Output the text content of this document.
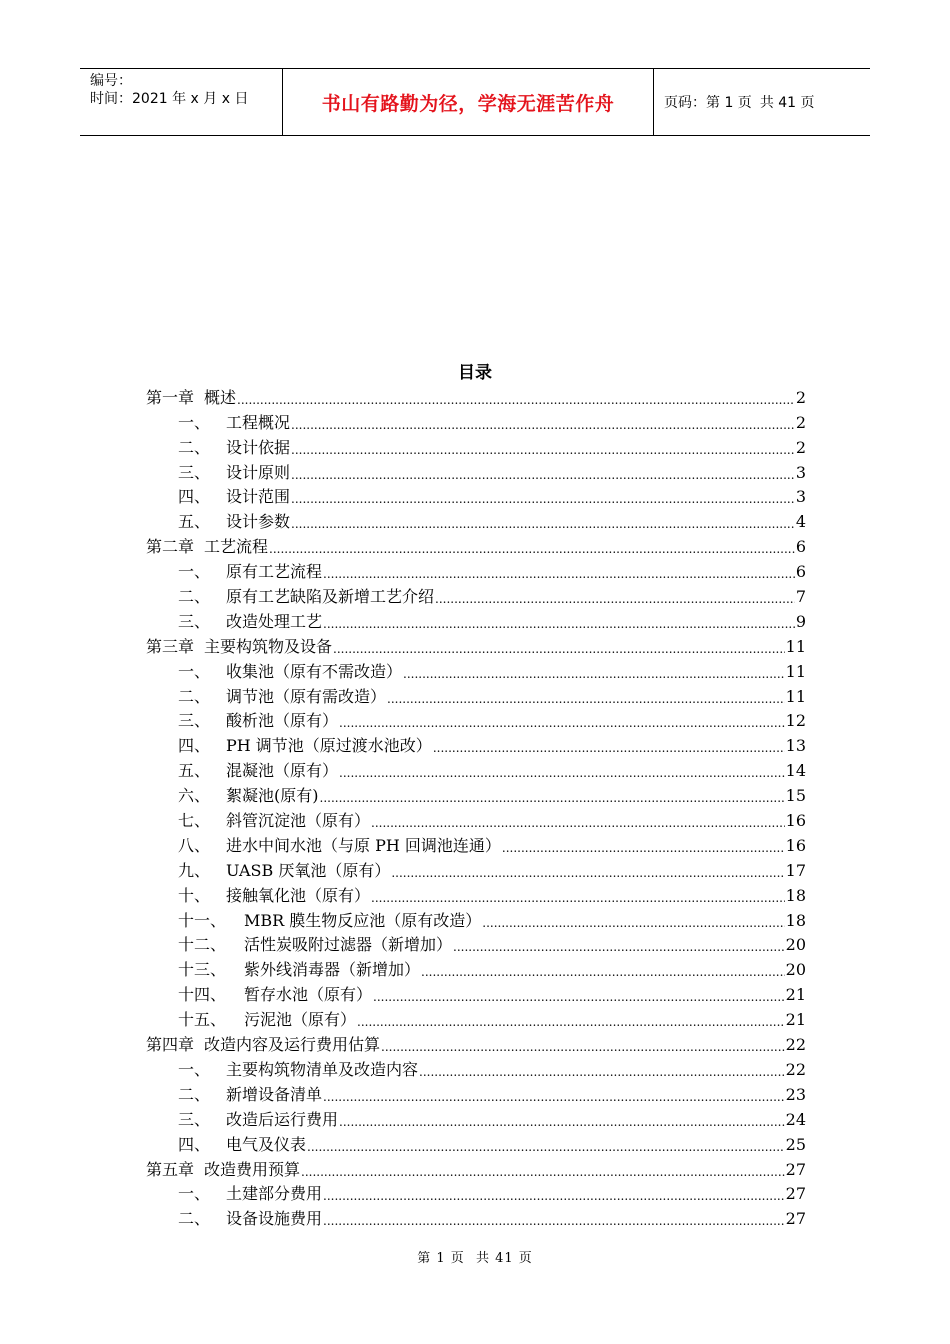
编号：
时间：2021 年 x 月 x 日	书山有路勤为径，学海无涯苦作舟	页码：第 1 页 共 41 页
目录
第一章 概述 .....	2
一、 工程概况 .....	2
二、 设计依据 .....	2
三、 设计原则 .....	3
四、 设计范围 .....	3
五、 设计参数 .....	4
第二章 工艺流程 .....	6
一、 原有工艺流程 .....	6
二、 原有工艺缺陷及新增工艺介绍 .....	7
三、 改造处理工艺 .....	9
第三章 主要构筑物及设备 .....	11
一、 收集池（原有不需改造） .....	11
二、 调节池（原有需改造） .....	11
三、 酸析池（原有） .....	12
四、 PH 调节池（原过渡水池改） .....	13
五、 混凝池（原有） .....	14
六、 絮凝池(原有) .....	15
七、 斜管沉淀池（原有） .....	16
八、 进水中间水池（与原 PH 回调池连通） .....	16
九、 UASB 厌氧池（原有） .....	17
十、 接触氧化池（原有） .....	18
十一、	MBR 膜生物反应池（原有改造） .....	18
十二、	活性炭吸附过滤器（新增加） .....	20
十三、	紫外线消毒器（新增加） .....	20
十四、	暂存水池（原有） .....	21
十五、	污泥池（原有） .....	21
第四章 改造内容及运行费用估算 .....	22
一、 主要构筑物清单及改造内容 .....	22
二、 新增设备清单 .....	23
三、 改造后运行费用 .....	24
四、 电气及仪表 .....	25
第五章 改造费用预算 .....	27
一、 土建部分费用 .....	27
二、 设备设施费用 .....	27
第 1 页 共 41 页
